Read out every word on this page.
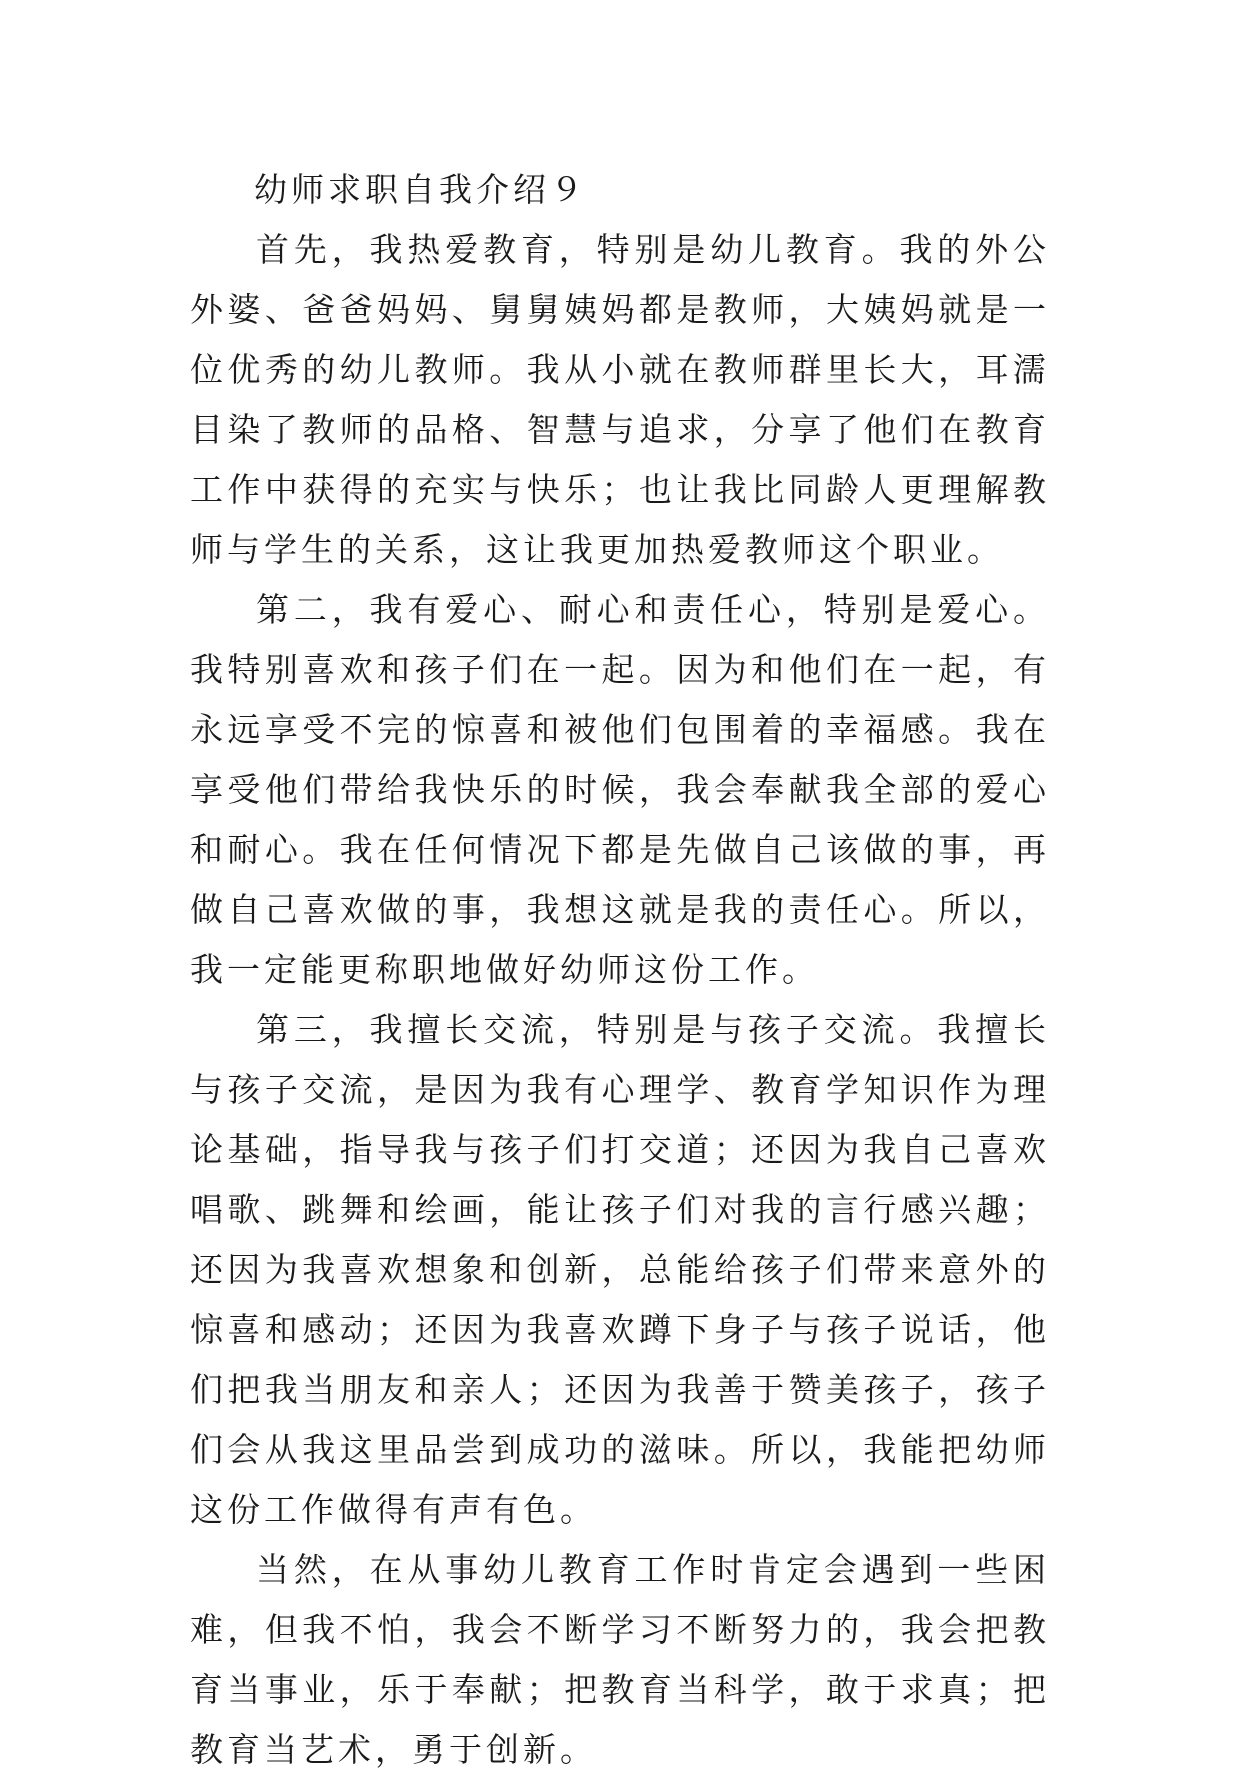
幼师求职自我介绍９

首先，我热爱教育，特别是幼儿教育。我的外公外婆、爸爸妈妈、舅舅姨妈都是教师，大姨妈就是一位优秀的幼儿教师。我从小就在教师群里长大，耳濡目染了教师的品格、智慧与追求，分享了他们在教育工作中获得的充实与快乐；也让我比同龄人更理解教师与学生的关系，这让我更加热爱教师这个职业。

第二，我有爱心、耐心和责任心，特别是爱心。我特别喜欢和孩子们在一起。因为和他们在一起，有永远享受不完的惊喜和被他们包围着的幸福感。我在享受他们带给我快乐的时候，我会奉献我全部的爱心和耐心。我在任何情况下都是先做自己该做的事，再做自己喜欢做的事，我想这就是我的责任心。所以，我一定能更称职地做好幼师这份工作。

第三，我擅长交流，特别是与孩子交流。我擅长与孩子交流，是因为我有心理学、教育学知识作为理论基础，指导我与孩子们打交道；还因为我自己喜欢唱歌、跳舞和绘画，能让孩子们对我的言行感兴趣；还因为我喜欢想象和创新，总能给孩子们带来意外的惊喜和感动；还因为我喜欢蹲下身子与孩子说话，他们把我当朋友和亲人；还因为我善于赞美孩子，孩子们会从我这里品尝到成功的滋味。所以，我能把幼师这份工作做得有声有色。

当然，在从事幼儿教育工作时肯定会遇到一些困难，但我不怕，我会不断学习不断努力的，我会把教育当事业，乐于奉献；把教育当科学，敢于求真；把教育当艺术，勇于创新。
